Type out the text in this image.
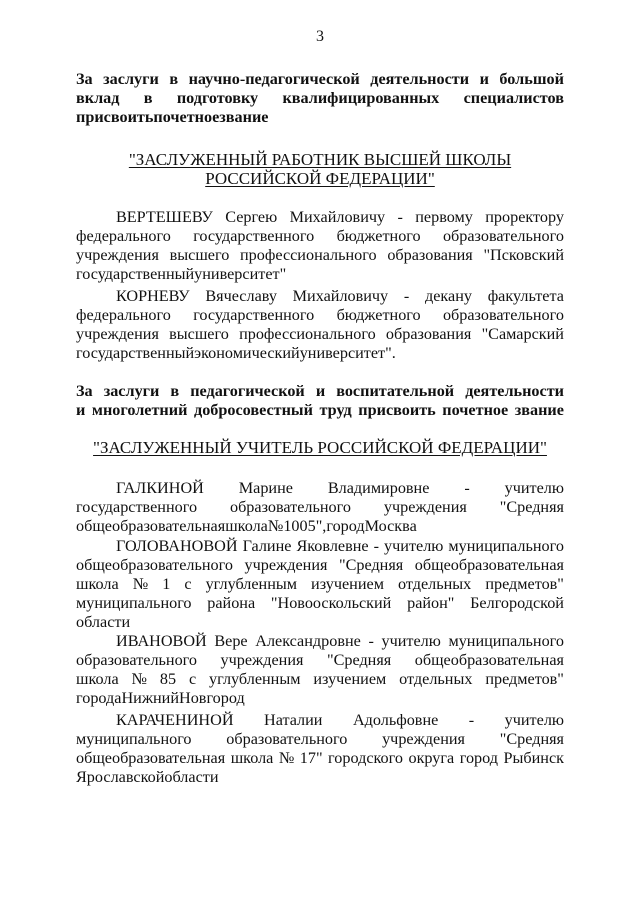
3
За заслуги в научно-педагогической деятельности и большой
вклад в подготовку квалифицированных специалистов
присвоить почетное звание
"ЗАСЛУЖЕННЫЙ РАБОТНИК ВЫСШЕЙ ШКОЛЫ
РОССИЙСКОЙ ФЕДЕРАЦИИ"
ВЕРТЕШЕВУ Сергею Михайловичу - первому проректору
федерального государственного бюджетного образовательного
учреждения высшего профессионального образования "Псковский
государственный университет"
КОРНЕВУ Вячеславу Михайловичу - декану факультета
федерального государственного бюджетного образовательного
учреждения высшего профессионального образования "Самарский
государственный экономический университет".
За заслуги в педагогической и воспитательной деятельности
и многолетний добросовестный труд присвоить почетное звание
"ЗАСЛУЖЕННЫЙ УЧИТЕЛЬ РОССИЙСКОЙ ФЕДЕРАЦИИ"
ГАЛКИНОЙ Марине Владимировне - учителю
государственного образовательного учреждения "Средняя
общеобразовательная школа № 1005", город Москва
ГОЛОВАНОВОЙ Галине Яковлевне - учителю муниципального
общеобразовательного учреждения "Средняя общеобразовательная
школа № 1 с углубленным изучением отдельных предметов"
муниципального района "Новооскольский район" Белгородской
области
ИВАНОВОЙ Вере Александровне - учителю муниципального
образовательного учреждения "Средняя общеобразовательная
школа № 85 с углубленным изучением отдельных предметов"
города Нижний Новгород
КАРАЧЕНИНОЙ Наталии Адольфовне - учителю
муниципального образовательного учреждения "Средняя
общеобразовательная школа № 17" городского округа город Рыбинск
Ярославской области
